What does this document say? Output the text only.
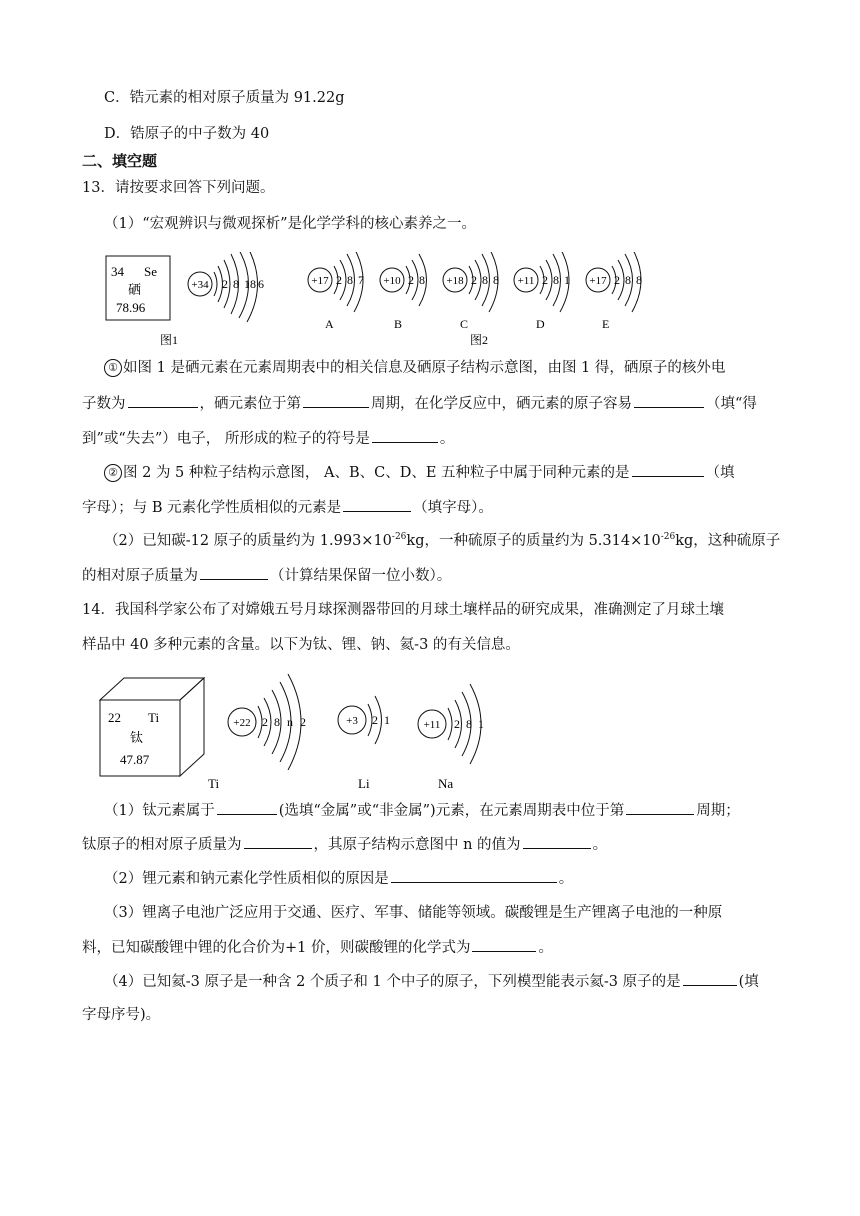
C．锆元素的相对原子质量为 91.22g
D．锆原子的中子数为 40
二、填空题
13．请按要求回答下列问题。
（1）“宏观辨识与微观探析”是化学学科的核心素养之一。
34 Se
硒
78.96
+34 2 8 18 6
图1
+17 2 8 7
A
+10 2 8
B
+18 2 8 8
C
+11 2 8 1
D
+17 2 8 8
E
图2
① 如图 1 是硒元素在元素周期表中的相关信息及硒原子结构示意图，由图 1 得，硒原子的核外电
子数为	，硒元素位于第	周期，在化学反应中，硒元素的原子容易	（填“得
到”或“失去”）电子， 所形成的粒子的符号是	。
② 图 2 为 5 种粒子结构示意图， A、B、C、D、E 五种粒子中属于同种元素的是	（填
字母）；与 B 元素化学性质相似的元素是	（填字母）。
（2）已知碳-12 原子的质量约为 $1.993\times 10^{-26}kg$，一种硫原子的质量约为 $5.314\times 10^{-26}kg$，这种硫原子
的相对原子质量为	（计算结果保留一位小数）。
14．我国科学家公布了对嫦娥五号月球探测器带回的月球土壤样品的研究成果，准确测定了月球土壤
样品中 40 多种元素的含量。以下为钛、锂、钠、氦-3 的有关信息。
22 Ti
钛
47.87
+22 2 8 n 2
Ti
+3 2 1
Li
+11 2 8 1
Na
（1）钛元素属于	(选填“金属”或“非金属”)元素，在元素周期表中位于第	周期；
钛原子的相对原子质量为	，其原子结构示意图中 n 的值为	。
（2）锂元素和钠元素化学性质相似的原因是	。
（3）锂离子电池广泛应用于交通、医疗、军事、储能等领域。碳酸锂是生产锂离子电池的一种原
料，已知碳酸锂中锂的化合价为+1 价，则碳酸锂的化学式为	。
（4）已知氦-3 原子是一种含 2 个质子和 1 个中子的原子，下列模型能表示氦-3 原子的是	(填
字母序号)。
